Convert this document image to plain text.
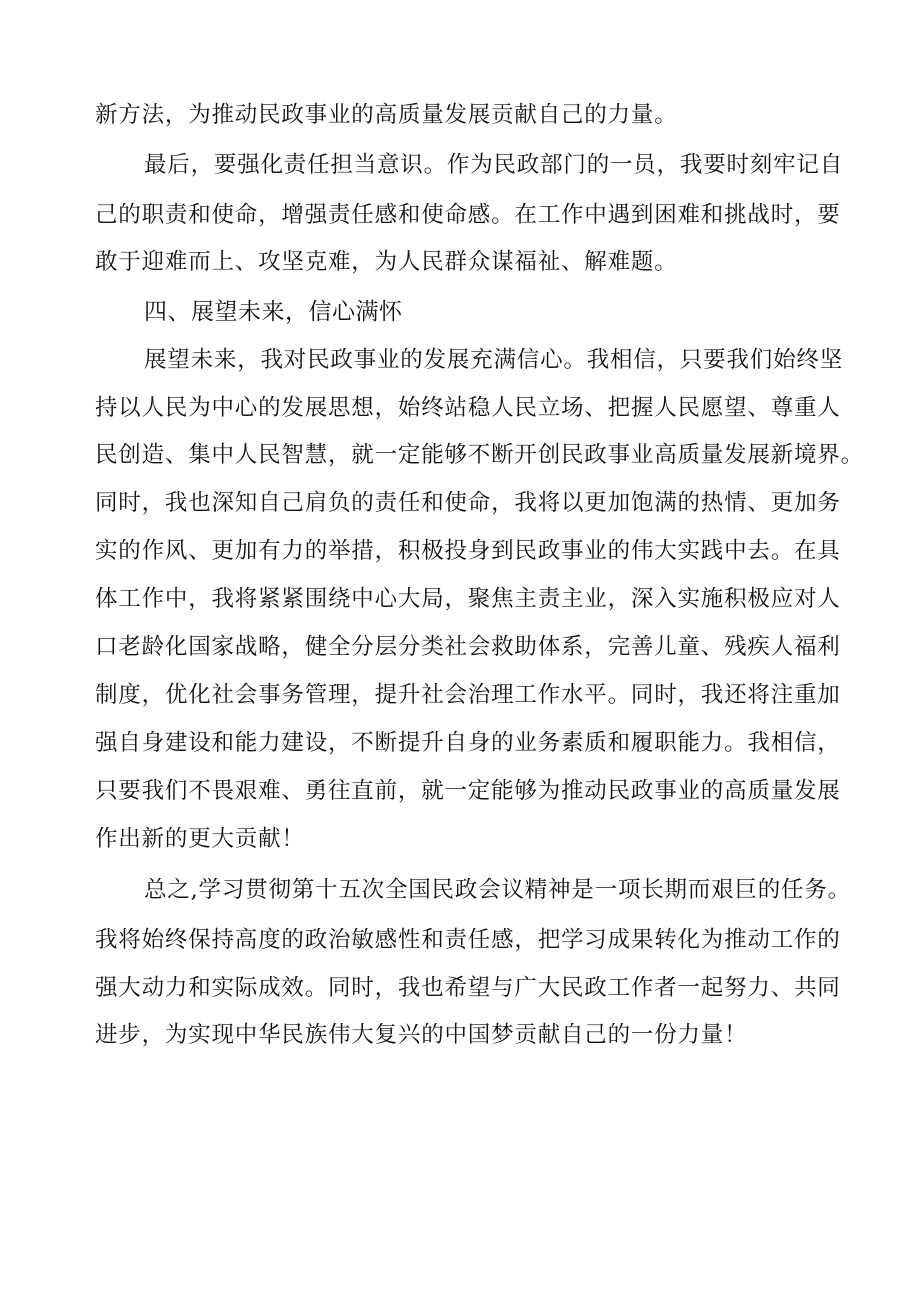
新方法，为推动民政事业的高质量发展贡献自己的力量。
最后，要强化责任担当意识。作为民政部门的一员，我要时刻牢记自
己的职责和使命，增强责任感和使命感。在工作中遇到困难和挑战时，要
敢于迎难而上、攻坚克难，为人民群众谋福祉、解难题。
四、展望未来，信心满怀
展望未来，我对民政事业的发展充满信心。我相信，只要我们始终坚
持以人民为中心的发展思想，始终站稳人民立场、把握人民愿望、尊重人
民创造、集中人民智慧，就一定能够不断开创民政事业高质量发展新境界。
同时，我也深知自己肩负的责任和使命，我将以更加饱满的热情、更加务
实的作风、更加有力的举措，积极投身到民政事业的伟大实践中去。在具
体工作中，我将紧紧围绕中心大局，聚焦主责主业，深入实施积极应对人
口老龄化国家战略，健全分层分类社会救助体系，完善儿童、残疾人福利
制度，优化社会事务管理，提升社会治理工作水平。同时，我还将注重加
强自身建设和能力建设，不断提升自身的业务素质和履职能力。我相信，
只要我们不畏艰难、勇往直前，就一定能够为推动民政事业的高质量发展
作出新的更大贡献！
总之,学习贯彻第十五次全国民政会议精神是一项长期而艰巨的任务。
我将始终保持高度的政治敏感性和责任感，把学习成果转化为推动工作的
强大动力和实际成效。同时，我也希望与广大民政工作者一起努力、共同
进步，为实现中华民族伟大复兴的中国梦贡献自己的一份力量！
